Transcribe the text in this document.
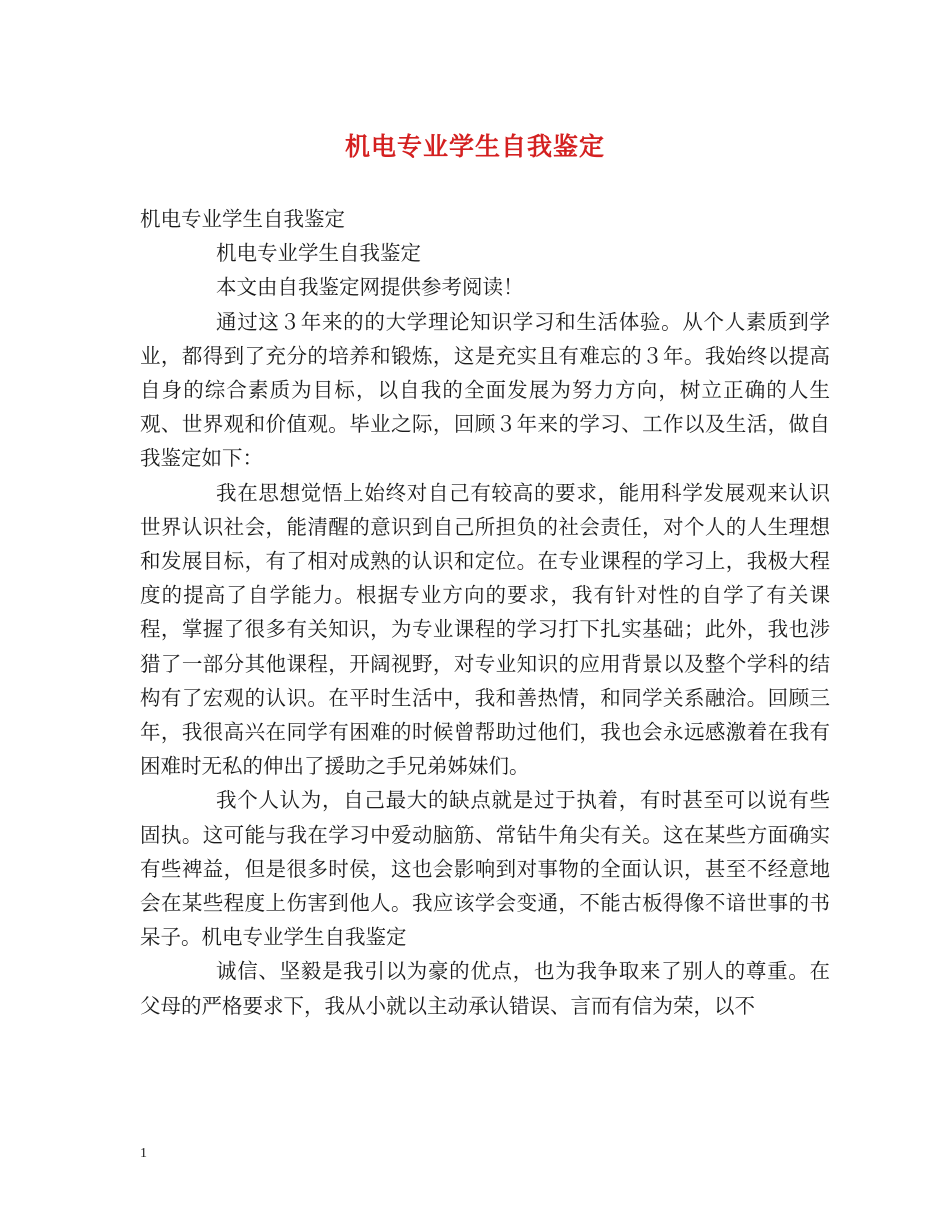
机电专业学生自我鉴定

机电专业学生自我鉴定

机电专业学生自我鉴定

本文由自我鉴定网提供参考阅读！

通过这３年来的的大学理论知识学习和生活体验。从个人素质到学业，都得到了充分的培养和锻炼，这是充实且有难忘的３年。我始终以提高自身的综合素质为目标，以自我的全面发展为努力方向，树立正确的人生观、世界观和价值观。毕业之际，回顾３年来的学习、工作以及生活，做自我鉴定如下：

我在思想觉悟上始终对自己有较高的要求，能用科学发展观来认识世界认识社会，能清醒的意识到自己所担负的社会责任，对个人的人生理想和发展目标，有了相对成熟的认识和定位。在专业课程的学习上，我极大程度的提高了自学能力。根据专业方向的要求，我有针对性的自学了有关课程，掌握了很多有关知识，为专业课程的学习打下扎实基础；此外，我也涉猎了一部分其他课程，开阔视野，对专业知识的应用背景以及整个学科的结构有了宏观的认识。在平时生活中，我和善热情，和同学关系融洽。回顾三年，我很高兴在同学有困难的时候曾帮助过他们，我也会永远感激着在我有困难时无私的伸出了援助之手兄弟姊妹们。

我个人认为，自己最大的缺点就是过于执着，有时甚至可以说有些固执。这可能与我在学习中爱动脑筋、常钻牛角尖有关。这在某些方面确实有些裨益，但是很多时侯，这也会影响到对事物的全面认识，甚至不经意地会在某些程度上伤害到他人。我应该学会变通，不能古板得像不谙世事的书呆子。机电专业学生自我鉴定

诚信、坚毅是我引以为豪的优点，也为我争取来了别人的尊重。在父母的严格要求下，我从小就以主动承认错误、言而有信为荣，以不

1
